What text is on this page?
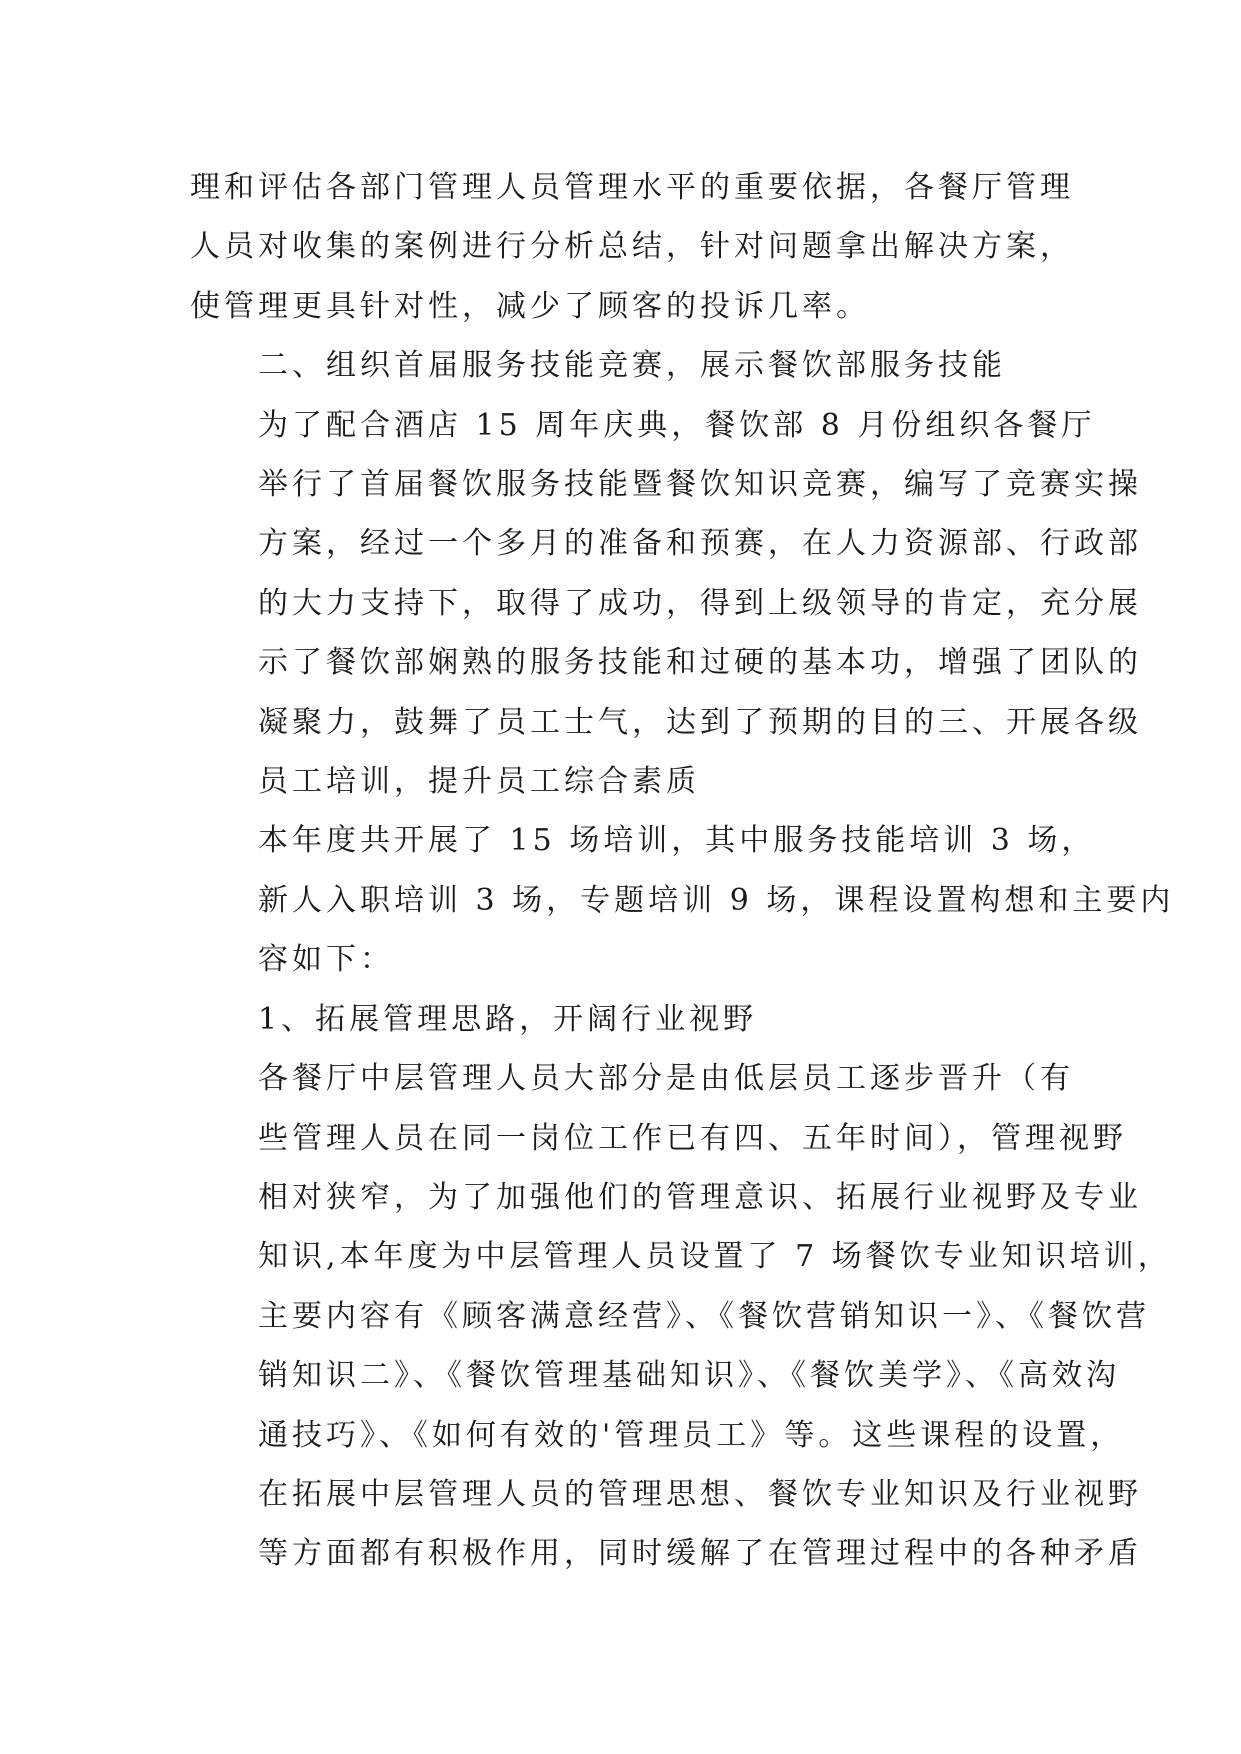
理和评估各部门管理人员管理水平的重要依据，各餐厅管理
人员对收集的案例进行分析总结，针对问题拿出解决方案，
使管理更具针对性，减少了顾客的投诉几率。

二、组织首届服务技能竞赛，展示餐饮部服务技能

为了配合酒店 15 周年庆典，餐饮部 8 月份组织各餐厅
举行了首届餐饮服务技能暨餐饮知识竞赛，编写了竞赛实操
方案，经过一个多月的准备和预赛，在人力资源部、行政部
的大力支持下，取得了成功，得到上级领导的肯定，充分展
示了餐饮部娴熟的服务技能和过硬的基本功，增强了团队的
凝聚力，鼓舞了员工士气，达到了预期的目的三、开展各级
员工培训，提升员工综合素质

本年度共开展了 15 场培训，其中服务技能培训 3 场，
新人入职培训 3 场，专题培训 9 场，课程设置构想和主要内
容如下：

1、拓展管理思路，开阔行业视野

各餐厅中层管理人员大部分是由低层员工逐步晋升（有
些管理人员在同一岗位工作已有四、五年时间），管理视野
相对狭窄，为了加强他们的管理意识、拓展行业视野及专业
知识,本年度为中层管理人员设置了 7 场餐饮专业知识培训，
主要内容有《顾客满意经营》、《餐饮营销知识一》、《餐饮营
销知识二》、《餐饮管理基础知识》、《餐饮美学》、《高效沟
通技巧》、《如何有效的'管理员工》等。这些课程的设置，
在拓展中层管理人员的管理思想、餐饮专业知识及行业视野
等方面都有积极作用，同时缓解了在管理过程中的各种矛盾
